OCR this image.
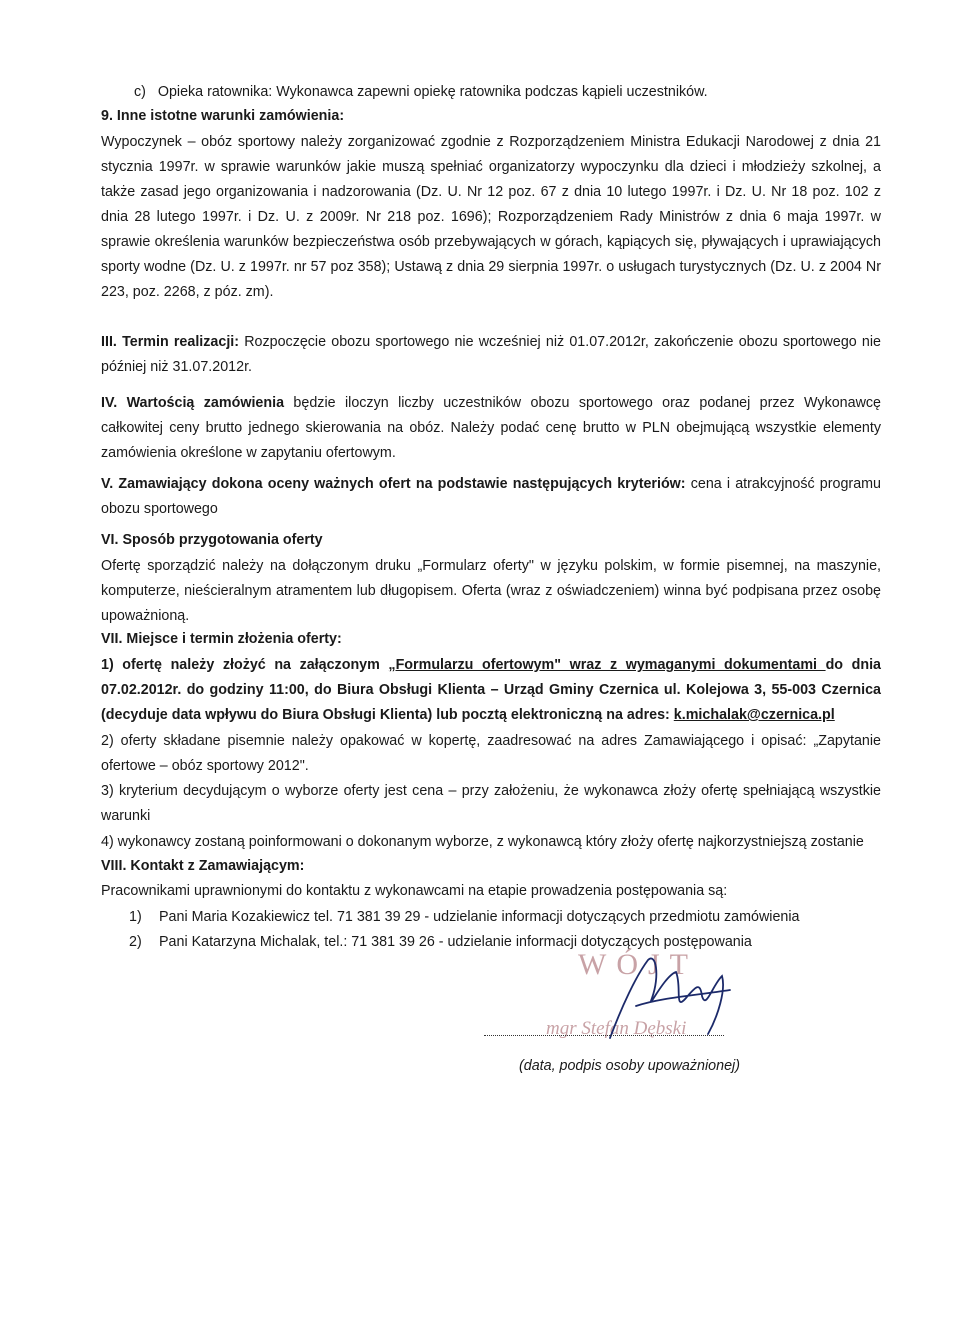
c)   Opieka ratownika: Wykonawca zapewni opiekę ratownika podczas kąpieli uczestników.

9. Inne istotne warunki zamówienia:

Wypoczynek – obóz sportowy należy zorganizować zgodnie z Rozporządzeniem Ministra Edukacji Narodowej z dnia 21 stycznia 1997r. w sprawie warunków jakie muszą spełniać organizatorzy wypoczynku dla dzieci i młodzieży szkolnej, a także zasad jego organizowania i nadzorowania (Dz. U. Nr 12 poz. 67 z dnia 10 lutego 1997r. i Dz. U. Nr 18 poz. 102 z dnia 28 lutego 1997r. i Dz. U. z 2009r. Nr 218 poz. 1696); Rozporządzeniem Rady Ministrów z dnia 6 maja 1997r. w sprawie określenia warunków bezpieczeństwa osób przebywających w górach, kąpiących się, pływających i uprawiających sporty wodne (Dz. U. z 1997r. nr 57 poz 358); Ustawą z dnia 29 sierpnia 1997r. o usługach turystycznych (Dz. U. z 2004 Nr 223, poz. 2268, z póz. zm).

III. Termin realizacji: Rozpoczęcie obozu sportowego nie wcześniej niż 01.07.2012r, zakończenie obozu sportowego nie później niż 31.07.2012r.

IV. Wartością zamówienia będzie iloczyn liczby uczestników obozu sportowego oraz podanej przez Wykonawcę całkowitej ceny brutto jednego skierowania na obóz. Należy podać cenę brutto w PLN obejmującą wszystkie elementy zamówienia określone w zapytaniu ofertowym.

V. Zamawiający dokona oceny ważnych ofert na podstawie następujących kryteriów: cena i atrakcyjność programu obozu sportowego

VI. Sposób przygotowania oferty

Ofertę sporządzić należy na dołączonym druku „Formularz oferty" w języku polskim, w formie pisemnej, na maszynie, komputerze, nieścieralnym atramentem lub długopisem. Oferta (wraz z oświadczeniem) winna być podpisana przez osobę upoważnioną.

VII. Miejsce i termin złożenia oferty:

1) ofertę należy złożyć na załączonym „Formularzu ofertowym" wraz z wymaganymi dokumentami do dnia 07.02.2012r. do godziny 11:00, do Biura Obsługi Klienta – Urząd Gminy Czernica ul. Kolejowa 3, 55-003 Czernica (decyduje data wpływu do Biura Obsługi Klienta) lub pocztą elektroniczną na adres: k.michalak@czernica.pl

2) oferty składane pisemnie należy opakować w kopertę, zaadresować na adres Zamawiającego i opisać: „Zapytanie ofertowe – obóz sportowy 2012".

3) kryterium decydującym o wyborze oferty jest cena – przy założeniu, że wykonawca złoży ofertę spełniającą wszystkie warunki

4) wykonawcy zostaną poinformowani o dokonanym wyborze, z wykonawcą który złoży ofertę najkorzystniejszą zostanie

VIII. Kontakt z Zamawiającym:

Pracownikami uprawnionymi do kontaktu z wykonawcami na etapie prowadzenia postępowania są:

1) Pani Maria Kozakiewicz tel. 71 381 39 29 - udzielanie informacji dotyczących przedmiotu zamówienia
2) Pani Katarzyna Michalak, tel.: 71 381 39 26 - udzielanie informacji dotyczących postępowania
WÓJT
mgr Stefan Dębski
(data, podpis osoby upoważnionej)
